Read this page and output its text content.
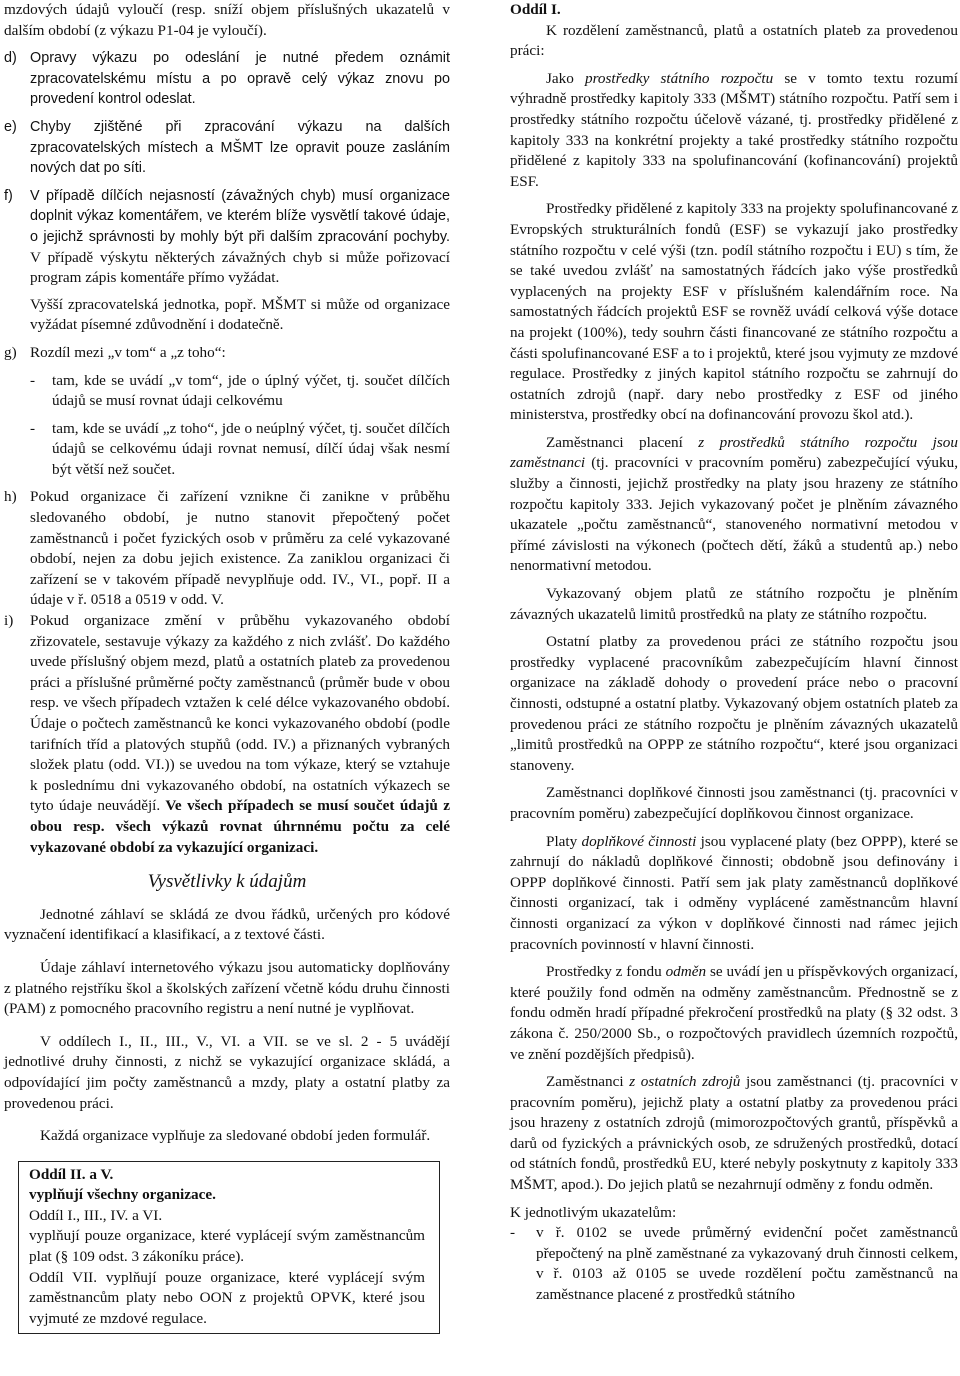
mzdových údajů vyloučí (resp. sníží objem příslušných ukazatelů v dalším období (z výkazu P1-04 je vyloučí).

d) Opravy výkazu po odeslání je nutné předem oznámit zpracovatelskému místu a po opravě celý výkaz znovu po provedení kontrol odeslat.
e) Chyby zjištěné při zpracování výkazu na dalších zpracovatelských místech a MŠMT lze opravit pouze zasláním nových dat po síti.
f)	V případě dílčích nejasností (závažných chyb) musí organizace doplnit výkaz komentářem, ve kterém blíže vysvětlí takové údaje, o jejichž správnosti by mohly být při dalším zpracování pochyby. V případě výskytu některých závažných chyb si může pořizovací program zápis komentáře přímo vyžádat.
Vyšší zpracovatelská jednotka, popř. MŠMT si může od organizace vyžádat písemné zdůvodnění i dodatečně.
g) Rozdíl mezi „v tom“ a „z toho“:
-	tam, kde se uvádí „v tom“, jde o úplný výčet, tj. součet dílčích údajů se musí rovnat údaji celkovému
-	tam, kde se uvádí „z toho“, jde o neúplný výčet, tj. součet dílčích údajů se celkovému údaji rovnat nemusí, dílčí údaj však nesmí být větší než součet.
h) Pokud organizace či zařízení vznikne či zanikne v průběhu sledovaného období, je nutno stanovit přepočtený počet zaměstnanců i počet fyzických osob v průměru za celé vykazované období, nejen za dobu jejich existence. Za zaniklou organizaci či zařízení se v takovém případě nevyplňuje odd. IV., VI., popř. II a údaje v ř. 0518 a 0519 v odd. V.
i)	Pokud organizace změní v průběhu vykazovaného období zřizovatele, sestavuje výkazy za každého z nich zvlášť. Do každého uvede příslušný objem mezd, platů a ostatních plateb za provedenou práci a příslušné průměrné počty zaměstnanců (průměr bude v obou resp. ve všech případech vztažen k celé délce vykazovaného období. Údaje o počtech zaměstnanců ke konci vykazovaného období (podle tarifních tříd a platových stupňů (odd. IV.) a přiznaných vybraných složek platu (odd. VI.)) se uvedou na tom výkaze, který se vztahuje k poslednímu dni vykazovaného období, na ostatních výkazech se tyto údaje neuvádějí. Ve všech případech se musí součet údajů z obou resp. všech výkazů rovnat úhrnnému počtu za celé vykazované období za vykazující organizaci.
Vysvětlivky k údajům

Jednotné záhlaví se skládá ze dvou řádků, určených pro kódové vyznačení identifikací a klasifikací, a z textové části.

Údaje záhlaví internetového výkazu jsou automaticky doplňovány z platného rejstříku škol a školských zařízení včetně kódu druhu činnosti (PAM) z pomocného pracovního registru a není nutné je vyplňovat.

V oddílech I., II., III., V., VI. a VII. se ve sl. 2 - 5 uvádějí jednotlivé druhy činnosti, z nichž se vykazující organizace skládá, a odpovídající jim počty zaměstnanců a mzdy, platy a ostatní platby za provedenou práci.

Každá organizace vyplňuje za sledované období jeden formulář.

Oddíl II. a V.
vyplňují všechny organizace.
Oddíl I., III., IV. a VI.

vyplňují pouze organizace, které vyplácejí svým zaměstnancům plat (§ 109 odst. 3 zákoníku práce).

Oddíl VII. vyplňují pouze organizace, které vyplácejí svým zaměstnancům platy nebo OON z projektů OPVK, které jsou vyjmuté ze mzdové regulace.

Oddíl I.

K rozdělení zaměstnanců, platů a ostatních plateb za provedenou práci:

Jako prostředky státního rozpočtu se v tomto textu rozumí výhradně prostředky kapitoly 333 (MŠMT) státního rozpočtu. Patří sem i prostředky státního rozpočtu účelově vázané, tj. prostředky přidělené z kapitoly 333 na konkrétní projekty a také prostředky státního rozpočtu přidělené z kapitoly 333 na spolufinancování (kofinancování) projektů ESF.

Prostředky přidělené z kapitoly 333 na projekty spolufinancované z Evropských strukturálních fondů (ESF) se vykazují jako prostředky státního rozpočtu v celé výši (tzn. podíl státního rozpočtu i EU) s tím, že se také uvedou zvlášť na samostatných řádcích jako výše prostředků vyplacených na projekty ESF v příslušném kalendářním roce. Na samostatných řádcích projektů ESF se rovněž uvádí celková výše dotace na projekt (100%), tedy souhrn části financované ze státního rozpočtu a části spolufinancované ESF a to i projektů, které jsou vyjmuty ze mzdové regulace. Prostředky z jiných kapitol státního rozpočtu se zahrnují do ostatních zdrojů (např. dary nebo prostředky z ESF od jiného ministerstva, prostředky obcí na dofinancování provozu škol atd.).

Zaměstnanci placení z prostředků státního rozpočtu jsou zaměstnanci (tj. pracovníci v pracovním poměru) zabezpečující výuku, služby a činnosti, jejichž prostředky na platy jsou hrazeny ze státního rozpočtu kapitoly 333. Jejich vykazovaný počet je plněním závazného ukazatele „počtu zaměstnanců“, stanoveného normativní metodou v přímé závislosti na výkonech (počtech dětí, žáků a studentů ap.) nebo nenormativní metodou.

Vykazovaný objem platů ze státního rozpočtu je plněním závazných ukazatelů limitů prostředků na platy ze státního rozpočtu.

Ostatní platby za provedenou práci ze státního rozpočtu jsou prostředky vyplacené pracovníkům zabezpečujícím hlavní činnost organizace na základě dohody o provedení práce nebo o pracovní činnosti, odstupné a ostatní platby. Vykazovaný objem ostatních plateb za provedenou práci ze státního rozpočtu je plněním závazných ukazatelů „limitů prostředků na OPPP ze státního rozpočtu“, které jsou organizaci stanoveny.

Zaměstnanci doplňkové činnosti jsou zaměstnanci (tj. pracovníci v pracovním poměru) zabezpečující doplňkovou činnost organizace.

Platy doplňkové činnosti jsou vyplacené platy (bez OPPP), které se zahrnují do nákladů doplňkové činnosti; obdobně jsou definovány i OPPP doplňkové činnosti. Patří sem jak platy zaměstnanců doplňkové činnosti organizací, tak i odměny vyplácené zaměstnancům hlavní činnosti organizací za výkon v doplňkové činnosti nad rámec jejich pracovních povinností v hlavní činnosti.

Prostředky z fondu odměn se uvádí jen u příspěvkových organizací, které použily fond odměn na odměny zaměstnancům. Přednostně se z fondu odměn hradí případné překročení prostředků na platy (§ 32 odst. 3 zákona č. 250/2000 Sb., o rozpočtových pravidlech územních rozpočtů, ve znění pozdějších předpisů).

Zaměstnanci z ostatních zdrojů jsou zaměstnanci (tj. pracovníci v pracovním poměru), jejichž platy a ostatní platby za provedenou práci jsou hrazeny z ostatních zdrojů (mimorozpočtových grantů, příspěvků a darů od fyzických a právnických osob, ze sdružených prostředků, dotací od státních fondů, prostředků EU, které nebyly poskytnuty z kapitoly 333 MŠMT, apod.). Do jejich platů se nezahrnují odměny z fondu odměn.

K jednotlivým ukazatelům:

-	v ř. 0102 se uvede průměrný evidenční počet zaměstnanců přepočtený na plně zaměstnané za vykazovaný druh činnosti celkem, v ř. 0103 až 0105 se uvede rozdělení počtu zaměstnanců na zaměstnance placené z prostředků státního
